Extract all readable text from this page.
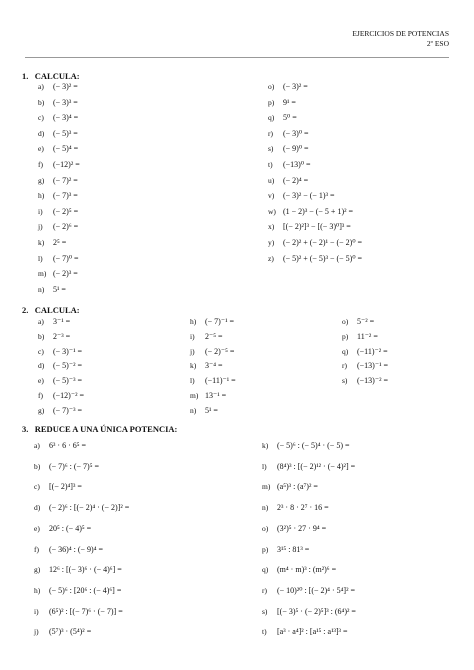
EJERCICIOS DE POTENCIAS
2º ESO
1. CALCULA:
a) (− 3)² =
b) (− 3)³ =
c) (− 3)⁴ =
d) (− 5)³ =
e) (− 5)⁴ =
f) (−12)² =
g) (− 7)² =
h) (− 7)³ =
i) (− 2)⁵ =
j) (− 2)⁶ =
k) 2⁵ =
l) (− 7)⁰ =
m) (− 2)³ =
n) 5¹ =
o) (− 3)² =
p) 9¹ =
q) 5⁰ =
r) (− 3)⁰ =
s) (− 9)⁰ =
t) (−13)⁰ =
u) (− 2)⁴ =
v) (− 3)² − (− 1)³ =
w) (1 − 2)³ − (− 5 + 1)² =
x) [(− 2)²]³ − [(− 3)⁰]³ =
y) (− 2)² + (− 2)¹ − (− 2)⁰ =
z) (− 5)² + (− 5)³ − (− 5)⁰ =
2. CALCULA:
a) 3⁻¹ =
b) 2⁻³ =
c) (− 3)⁻¹ =
d) (− 5)⁻² =
e) (− 5)⁻³ =
f) (−12)⁻² =
g) (− 7)⁻³ =
h) (− 7)⁻¹ =
i) 2⁻⁵ =
j) (− 2)⁻⁵ =
k) 3⁻⁴ =
l) (−11)⁻¹ =
m) 13⁻¹ =
n) 5¹ =
o) 5⁻² =
p) 11⁻² =
q) (−11)⁻² =
r) (−13)⁻¹ =
s) (−13)⁻² =
3. REDUCE A UNA ÚNICA POTENCIA:
a) 6³ · 6 · 6⁵ =
b) (− 7)⁶ : (− 7)⁵ =
c) [(− 2)⁴]³ =
d) (− 2)⁶ : [(− 2)⁴ · (− 2)]² =
e) 20⁵ : (− 4)⁵ =
f) (− 36)⁴ : (− 9)⁴ =
g) 12⁶ : [(− 3)⁶ · (− 4)⁶] =
h) (− 5)⁶ : [20⁶ : (− 4)⁶] =
i) (6⁵)² : [(− 7)⁶ · (− 7)] =
j) (5⁷)³ · (5⁴)² =
k) (− 5)⁶ : (− 5)⁴ · (− 5) =
l) (8⁴)³ : [(− 2)¹² · (− 4)²] =
m) (a⁵)³ : (a⁷)² =
n) 2³ · 8 · 2⁷ · 16 =
o) (3²)⁵ · 27 · 9⁴ =
p) 3¹⁵ : 81³ =
q) (m⁴ · m)³ : (m²)⁶ =
r) (− 10)²⁰ : [(− 2)⁴ · 5⁴]² =
s) [(− 3)⁵ · (− 2)⁵]³ : (6⁴)² =
t) [a³ · a⁴]² : [a¹⁵ : a¹³]³ =
